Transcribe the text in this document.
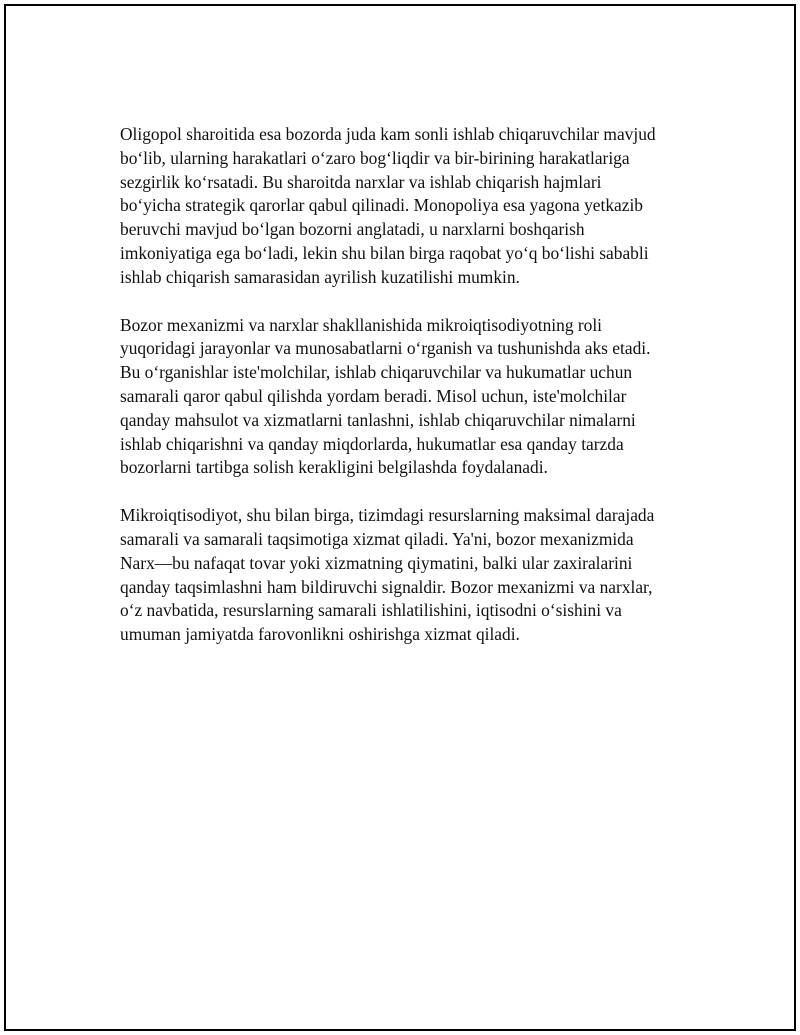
Oligopol sharoitida esa bozorda juda kam sonli ishlab chiqaruvchilar mavjud
bo‘lib, ularning harakatlari o‘zaro bog‘liqdir va bir-birining harakatlariga
sezgirlik ko‘rsatadi. Bu sharoitda narxlar va ishlab chiqarish hajmlari
bo‘yicha strategik qarorlar qabul qilinadi. Monopoliya esa yagona yetkazib
beruvchi mavjud bo‘lgan bozorni anglatadi, u narxlarni boshqarish
imkoniyatiga ega bo‘ladi, lekin shu bilan birga raqobat yo‘q bo‘lishi sababli
ishlab chiqarish samarasidan ayrilish kuzatilishi mumkin.

Bozor mexanizmi va narxlar shakllanishida mikroiqtisodiyotning roli
yuqoridagi jarayonlar va munosabatlarni o‘rganish va tushunishda aks etadi.
Bu o‘rganishlar iste'molchilar, ishlab chiqaruvchilar va hukumatlar uchun
samarali qaror qabul qilishda yordam beradi. Misol uchun, iste'molchilar
qanday mahsulot va xizmatlarni tanlashni, ishlab chiqaruvchilar nimalarni
ishlab chiqarishni va qanday miqdorlarda, hukumatlar esa qanday tarzda
bozorlarni tartibga solish kerakligini belgilashda foydalanadi.

Mikroiqtisodiyot, shu bilan birga, tizimdagi resurslarning maksimal darajada
samarali va samarali taqsimotiga xizmat qiladi. Ya'ni, bozor mexanizmida
Narx—bu nafaqat tovar yoki xizmatning qiymatini, balki ular zaxiralarini
qanday taqsimlashni ham bildiruvchi signaldir. Bozor mexanizmi va narxlar,
o‘z navbatida, resurslarning samarali ishlatilishini, iqtisodni o‘sishini va
umuman jamiyatda farovonlikni oshirishga xizmat qiladi.
